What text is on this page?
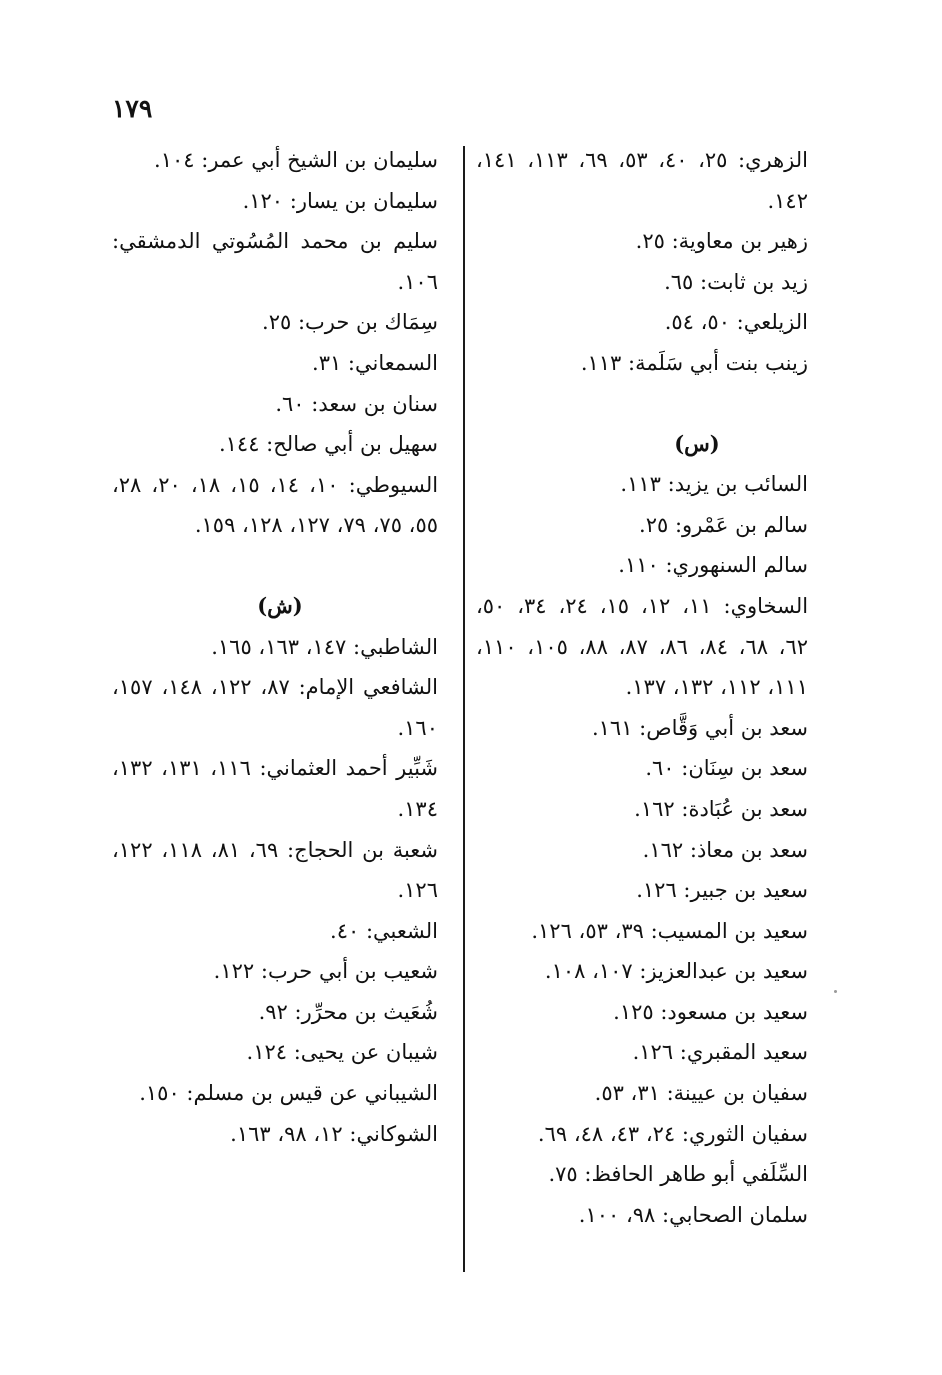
١٧٩

الزهري: ٢٥، ٤٠، ٥٣، ٦٩، ١١٣، ١٤١، ١٤٢.

زهير بن معاوية: ٢٥.

زيد بن ثابت: ٦٥.

الزيلعي: ٥٠، ٥٤.

زينب بنت أبي سَلَمة: ١١٣.

(س)

السائب بن يزيد: ١١٣.

سالم بن عَمْرو: ٢٥.

سالم السنهوري: ١١٠.

السخاوي: ١١، ١٢، ١٥، ٢٤، ٣٤، ٥٠، ٦٢، ٦٨، ٨٤، ٨٦، ٨٧، ٨٨، ١٠٥، ١١٠، ١١١، ١١٢، ١٣٢، ١٣٧.

سعد بن أبي وَقَّاص: ١٦١.

سعد بن سِنَان: ٦٠.

سعد بن عُبَادة: ١٦٢.

سعد بن معاذ: ١٦٢.

سعيد بن جبير: ١٢٦.

سعيد بن المسيب: ٣٩، ٥٣، ١٢٦.

سعيد بن عبدالعزيز: ١٠٧، ١٠٨.

سعيد بن مسعود: ١٢٥.

سعيد المقبري: ١٢٦.

سفيان بن عيينة: ٣١، ٥٣.

سفيان الثوري: ٢٤، ٤٣، ٤٨، ٦٩.

السِّلَفي أبو طاهر الحافظ: ٧٥.

سلمان الصحابي: ٩٨، ١٠٠.

سليمان بن الشيخ أبي عمر: ١٠٤.

سليمان بن يسار: ١٢٠.

سليم بن محمد المُسُوتي الدمشقي: ١٠٦.

سِمَاك بن حرب: ٢٥.

السمعاني: ٣١.

سنان بن سعد: ٦٠.

سهيل بن أبي صالح: ١٤٤.

السيوطي: ١٠، ١٤، ١٥، ١٨، ٢٠، ٢٨، ٥٥، ٧٥، ٧٩، ١٢٧، ١٢٨، ١٥٩.

(ش)

الشاطبي: ١٤٧، ١٦٣، ١٦٥.

الشافعي الإمام: ٨٧، ١٢٢، ١٤٨، ١٥٧، ١٦٠.

شَبِّير أحمد العثماني: ١١٦، ١٣١، ١٣٢، ١٣٤.

شعبة بن الحجاج: ٦٩، ٨١، ١١٨، ١٢٢، ١٢٦.

الشعبي: ٤٠.

شعيب بن أبي حرب: ١٢٢.

شُعَيث بن محرِّر: ٩٢.

شيبان عن يحيى: ١٢٤.

الشيباني عن قيس بن مسلم: ١٥٠.

الشوكاني: ١٢، ٩٨، ١٦٣.
